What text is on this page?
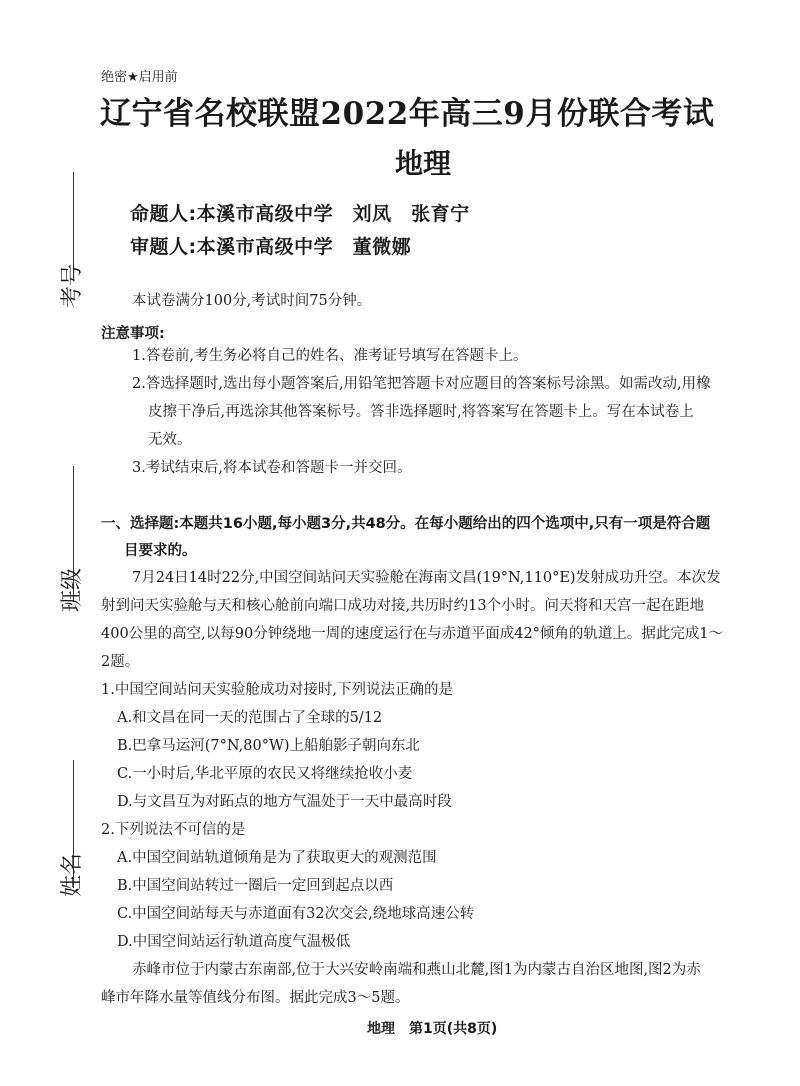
考号
班级
姓名
绝密★启用前
辽宁省名校联盟2022年高三9月份联合考试
地理
命题人:本溪市高级中学　刘凤　张育宁
审题人:本溪市高级中学　董微娜
本试卷满分100分,考试时间75分钟。
注意事项:
1.答卷前,考生务必将自己的姓名、准考证号填写在答题卡上。
2.答选择题时,选出每小题答案后,用铅笔把答题卡对应题目的答案标号涂黑。如需改动,用橡
皮擦干净后,再选涂其他答案标号。答非选择题时,将答案写在答题卡上。写在本试卷上
无效。
3.考试结束后,将本试卷和答题卡一并交回。
一、选择题:本题共16小题,每小题3分,共48分。在每小题给出的四个选项中,只有一项是符合题
目要求的。
7月24日14时22分,中国空间站问天实验舱在海南文昌(19°N,110°E)发射成功升空。本次发
射到问天实验舱与天和核心舱前向端口成功对接,共历时约13个小时。问天将和天宫一起在距地
400公里的高空,以每90分钟绕地一周的速度运行在与赤道平面成42°倾角的轨道上。据此完成1～
2题。
1.中国空间站问天实验舱成功对接时,下列说法正确的是
A.和文昌在同一天的范围占了全球的5/12
B.巴拿马运河(7°N,80°W)上船舶影子朝向东北
C.一小时后,华北平原的农民又将继续抢收小麦
D.与文昌互为对跖点的地方气温处于一天中最高时段
2.下列说法不可信的是
A.中国空间站轨道倾角是为了获取更大的观测范围
B.中国空间站转过一圈后一定回到起点以西
C.中国空间站每天与赤道面有32次交会,绕地球高速公转
D.中国空间站运行轨道高度气温极低
赤峰市位于内蒙古东南部,位于大兴安岭南端和燕山北麓,图1为内蒙古自治区地图,图2为赤
峰市年降水量等值线分布图。据此完成3～5题。
地理　第1页(共8页)
